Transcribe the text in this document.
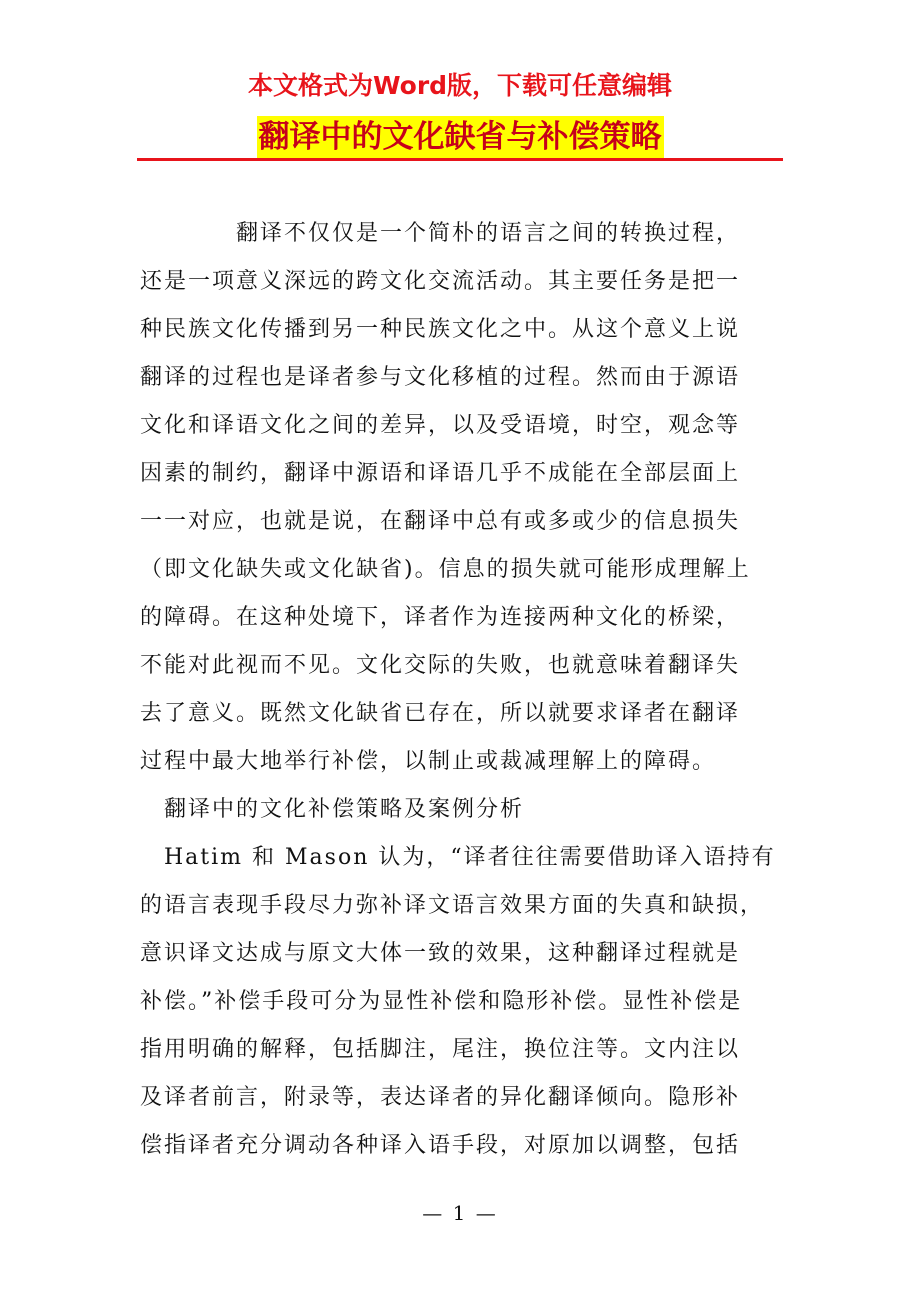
本文格式为Word版，下载可任意编辑
翻译中的文化缺省与补偿策略
　　　　翻译不仅仅是一个简朴的语言之间的转换过程，
还是一项意义深远的跨文化交流活动。其主要任务是把一
种民族文化传播到另一种民族文化之中。从这个意义上说
翻译的过程也是译者参与文化移植的过程。然而由于源语
文化和译语文化之间的差异，以及受语境，时空，观念等
因素的制约，翻译中源语和译语几乎不成能在全部层面上
一一对应，也就是说，在翻译中总有或多或少的信息损失
（即文化缺失或文化缺省)。信息的损失就可能形成理解上
的障碍。在这种处境下，译者作为连接两种文化的桥梁，
不能对此视而不见。文化交际的失败，也就意味着翻译失
去了意义。既然文化缺省已存在，所以就要求译者在翻译
过程中最大地举行补偿，以制止或裁减理解上的障碍。
　翻译中的文化补偿策略及案例分析
　Hatim 和 Mason 认为，“译者往往需要借助译入语持有
的语言表现手段尽力弥补译文语言效果方面的失真和缺损，
意识译文达成与原文大体一致的效果，这种翻译过程就是
补偿。”补偿手段可分为显性补偿和隐形补偿。显性补偿是
指用明确的解释，包括脚注，尾注，换位注等。文内注以
及译者前言，附录等，表达译者的异化翻译倾向。隐形补
偿指译者充分调动各种译入语手段，对原加以调整，包括
— 1 —
